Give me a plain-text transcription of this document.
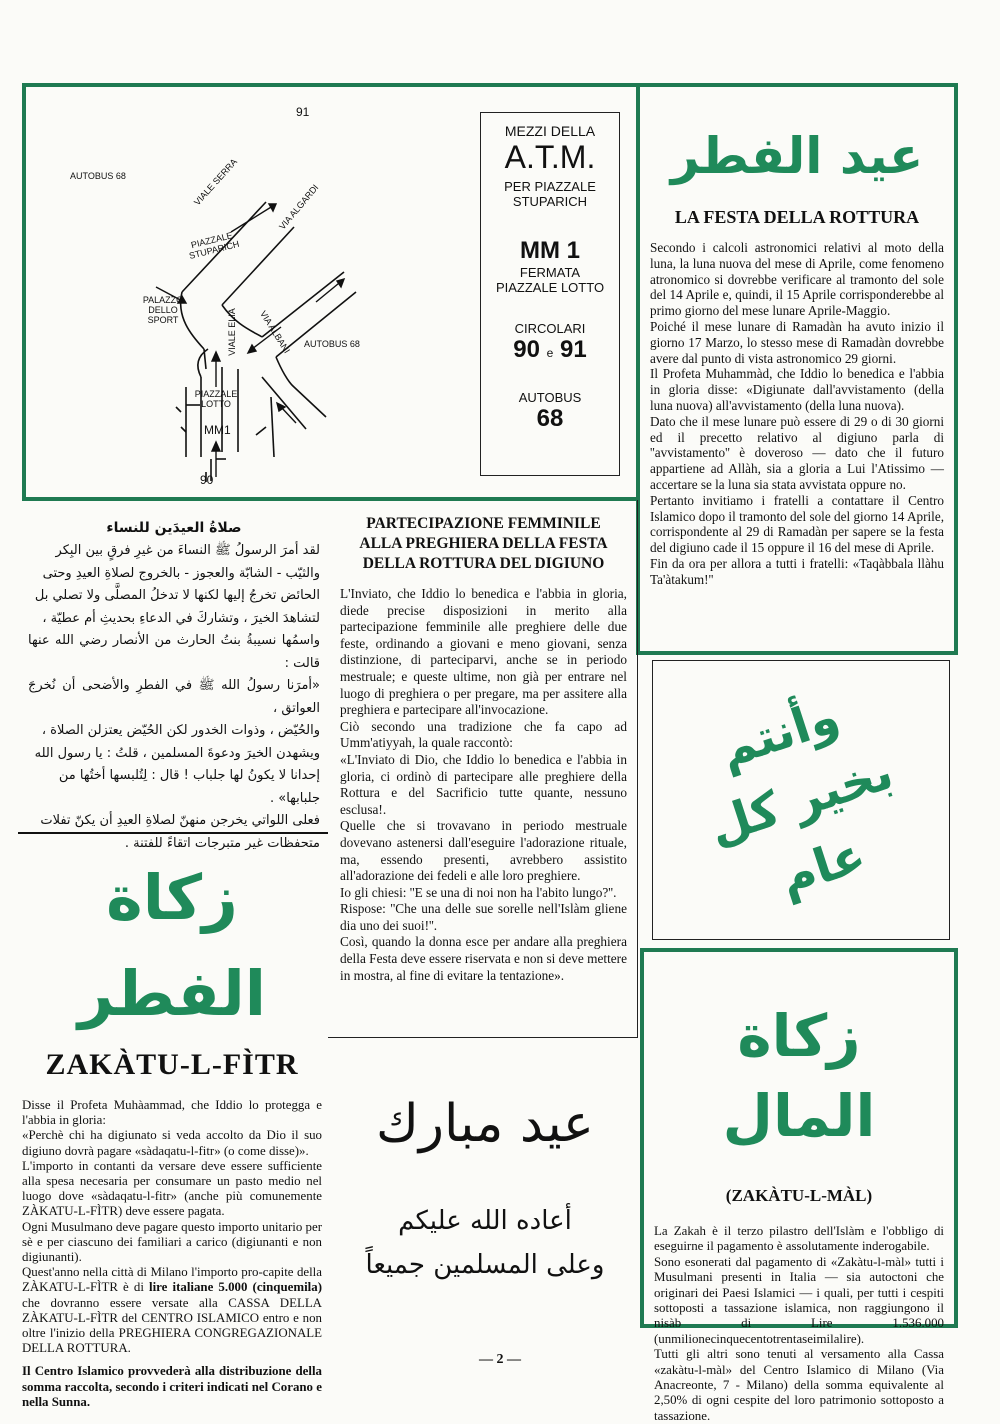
91
AUTOBUS 68	VIALE SERRA	VIA ALGARDI
PIAZZALE STUPARICH
PALAZZO DELLO SPORT	VIA ALBANI
VIALE ELIA	AUTOBUS 68
PIAZZALE LOTTO
MM1
90
MEZZI DELLA
A.T.M.
PER PIAZZALE
STUPARICH
MM 1
FERMATA
PIAZZALE LOTTO
CIRCOLARI
90 e 91
AUTOBUS
68
عيد الفطر
LA FESTA DELLA ROTTURA

Secondo i calcoli astronomici relativi al moto della luna, la luna nuova del mese di Aprile, come fenomeno atronomico si dovrebbe verificare al tramonto del sole del 14 Aprile e, quindi, il 15 Aprile corrisponderebbe al primo giorno del mese lunare Aprile-Maggio.

Poiché il mese lunare di Ramadàn ha avuto inizio il giorno 17 Marzo, lo stesso mese di Ramadàn dovrebbe avere dal punto di vista astronomico 29 giorni.

Il Profeta Muhammàd, che Iddio lo benedica e l'abbia in gloria disse: «Digiunate dall'avvistamento (della luna nuova) all'avvistamento (della luna nuova).

Dato che il mese lunare può essere di 29 o di 30 giorni ed il precetto relativo al digiuno parla di ''avvistamento'' è doveroso — dato che il futuro appartiene ad Allàh, sia a gloria a Lui l'Atissimo — accertare se la luna sia stata avvistata oppure no.

Pertanto invitiamo i fratelli a contattare il Centro Islamico dopo il tramonto del sole del giorno 14 Aprile, corrispondente al 29 di Ramadàn per sapere se la festa del digiuno cade il 15 oppure il 16 del mese di Aprile.

Fin da ora per allora a tutti i fratelli: «Taqàbbala llàhu Ta'àtakum!''

صلاةُ العيدَين للنساء
لقد أمرَ الرسولُ ﷺ النساءَ من غيرِ فرقٍ بين البِكر
والثيّب - الشابّة والعجوز - بالخروج لصلاةِ العيدِ وحتى
الحائض تخرجُ إليها لكنها لا تدخلُ المصلَّى ولا تصلي بل
لتشاهدَ الخيرَ ، وتشاركَ في الدعاءِ بحديثِ أم عطيّة ،
واسمُها نسيبةُ بنتُ الحارث من الأنصار رضي الله عنها قالت :
«أمرَنا رسولُ الله ﷺ في الفطرِ والأضحى أن نُخرجَ العواتق ،
والحُيّض ، وذوات الخدور لكن الحُيّض يعتزلن الصلاة ،
ويشهدن الخيرَ ودعوةَ المسلمين ، قلتُ : يا رسول الله
إحدانا لا يكونُ لها جلباب ! قال : لِتُلبسها أختُها من
جلبابها» .
فعلى اللواتي يخرجن منهنّ لصلاةِ العيدِ أن يكنّ تفلات
متحفظات غير متبرجات اتقاءً للفتنة .
PARTECIPAZIONE FEMMINILE
ALLA PREGHIERA DELLA FESTA
DELLA ROTTURA DEL DIGIUNO

L'Inviato, che Iddio lo benedica e l'abbia in gloria, diede precise disposizioni in merito alla partecipazione femminile alle preghiere delle due feste, ordinando a giovani e meno giovani, senza distinzione, di parteciparvi, anche se in periodo mestruale; e queste ultime, non già per entrare nel luogo di preghiera o per pregare, ma per assitere alla preghiera e partecipare all'invocazione.

Ciò secondo una tradizione che fa capo ad Umm'atiyyah, la quale raccontò:

«L'Inviato di Dio, che Iddio lo benedica e l'abbia in gloria, ci ordinò di partecipare alle preghiere della Rottura e del Sacrificio tutte quante, nessuno esclusa!.

Quelle che si trovavano in periodo mestruale dovevano astenersi dall'eseguire l'adorazione rituale, ma, essendo presenti, avrebbero assistito all'adorazione dei fedeli e alle loro preghiere.

Io gli chiesi: ''E se una di noi non ha l'abito lungo?''.

Rispose: ''Che una delle sue sorelle nell'Islàm gliene dia uno dei suoi!''.

Così, quando la donna esce per andare alla preghiera della Festa deve essere riservata e non si deve mettere in mostra, al fine di evitare la tentazione».

وأنتم بخير كل عام
زكاة الفطر
ZAKÀTU-L-FÌTR

Disse il Profeta Muhàammad, che Iddio lo protegga e l'abbia in gloria:

«Perchè chi ha digiunato si veda accolto da Dio il suo digiuno dovrà pagare «sàdaqatu-l-fitr» (o come disse)».

L'importo in contanti da versare deve essere sufficiente alla spesa necesaria per consumare un pasto medio nel luogo dove «sàdaqatu-l-fitr» (anche più comunemente ZÀKATU-L-FÌTR) deve essere pagata.

Ogni Musulmano deve pagare questo importo unitario per sè e per ciascuno dei familiari a carico (digiunanti e non digiunanti).

Quest'anno nella città di Milano l'importo pro-capite della ZÀKATU-L-FÌTR è di lire italiane 5.000 (cinquemila) che dovranno essere versate alla CASSA DELLA ZÀKATU-L-FÌTR del CENTRO ISLAMICO entro e non oltre l'inizio della PREGHIERA CONGREGAZIONALE DELLA ROTTURA.

Il Centro Islamico provvederà alla distribuzione della somma raccolta, secondo i criteri indicati nel Corano e nella Sunna.

عيد مبارك
أعاده الله عليكم
وعلى المسلمين جميعاً
زكاة المال
(ZAKÀTU-L-MÀL)

La Zakah è il terzo pilastro dell'Islàm e l'obbligo di eseguirne il pagamento è assolutamente inderogabile.

Sono esonerati dal pagamento di «Zakàtu-l-màl» tutti i Musulmani presenti in Italia — sia autoctoni che originari dei Paesi Islamici — i quali, per tutti i cespiti sottoposti a tassazione islamica, non raggiungono il nisàb di Lire 1.536.000 (unmilionecinquecentotrentaseimilalire).

Tutti gli altri sono tenuti al versamento alla Cassa «zakàtu-l-màl» del Centro Islamico di Milano (Via Anacreonte, 7 - Milano) della somma equivalente al 2,50% di ogni cespite del loro patrimonio sottoposto a tassazione.

— 2 —
